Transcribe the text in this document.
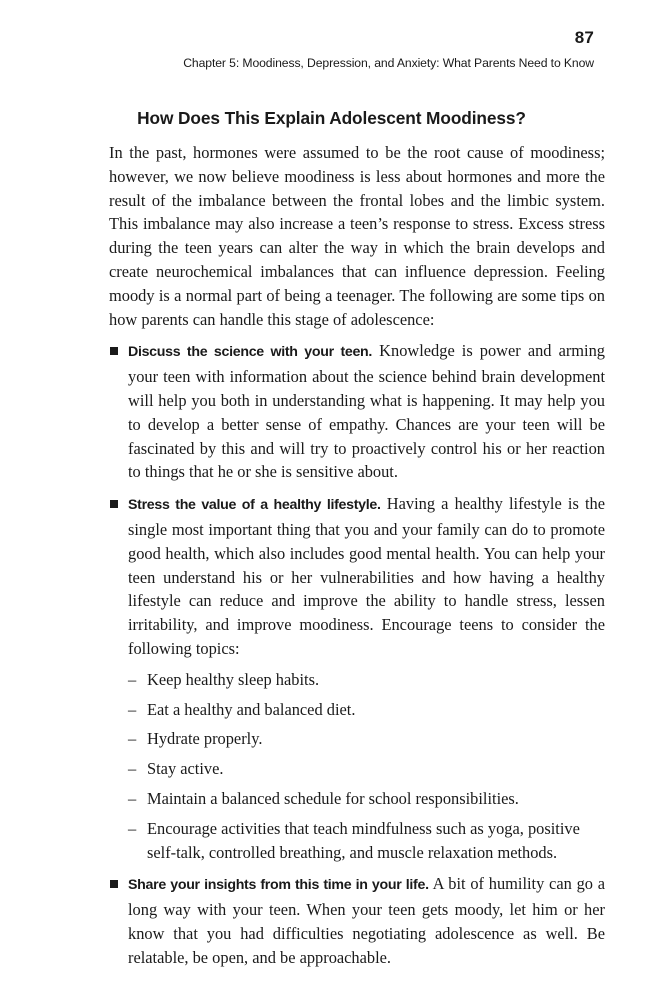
87
Chapter 5: Moodiness, Depression, and Anxiety: What Parents Need to Know
How Does This Explain Adolescent Moodiness?

In the past, hormones were assumed to be the root cause of moodiness; however, we now believe moodiness is less about hormones and more the result of the imbalance between the frontal lobes and the limbic system. This imbalance may also increase a teen’s response to stress. Excess stress during the teen years can alter the way in which the brain develops and create neurochemical imbalances that can influence depression. Feeling moody is a normal part of being a teenager. The following are some tips on how parents can handle this stage of adolescence:

Discuss the science with your teen. Knowledge is power and arming your teen with information about the science behind brain development will help you both in understanding what is happening. It may help you to develop a better sense of empathy. Chances are your teen will be fascinated by this and will try to proactively control his or her reaction to things that he or she is sensitive about.
Stress the value of a healthy lifestyle. Having a healthy lifestyle is the single most important thing that you and your family can do to promote good health, which also includes good mental health. You can help your teen understand his or her vulnerabilities and how having a healthy lifestyle can reduce and improve the ability to handle stress, lessen irritability, and improve moodiness. Encourage teens to consider the following topics:
– Keep healthy sleep habits.
– Eat a healthy and balanced diet.
– Hydrate properly.
– Stay active.
– Maintain a balanced schedule for school responsibilities.
– Encourage activities that teach mindfulness such as yoga, positive self-talk, controlled breathing, and muscle relaxation methods.
Share your insights from this time in your life. A bit of humility can go a long way with your teen. When your teen gets moody, let him or her know that you had difficulties negotiating adolescence as well. Be relatable, be open, and be approachable.
